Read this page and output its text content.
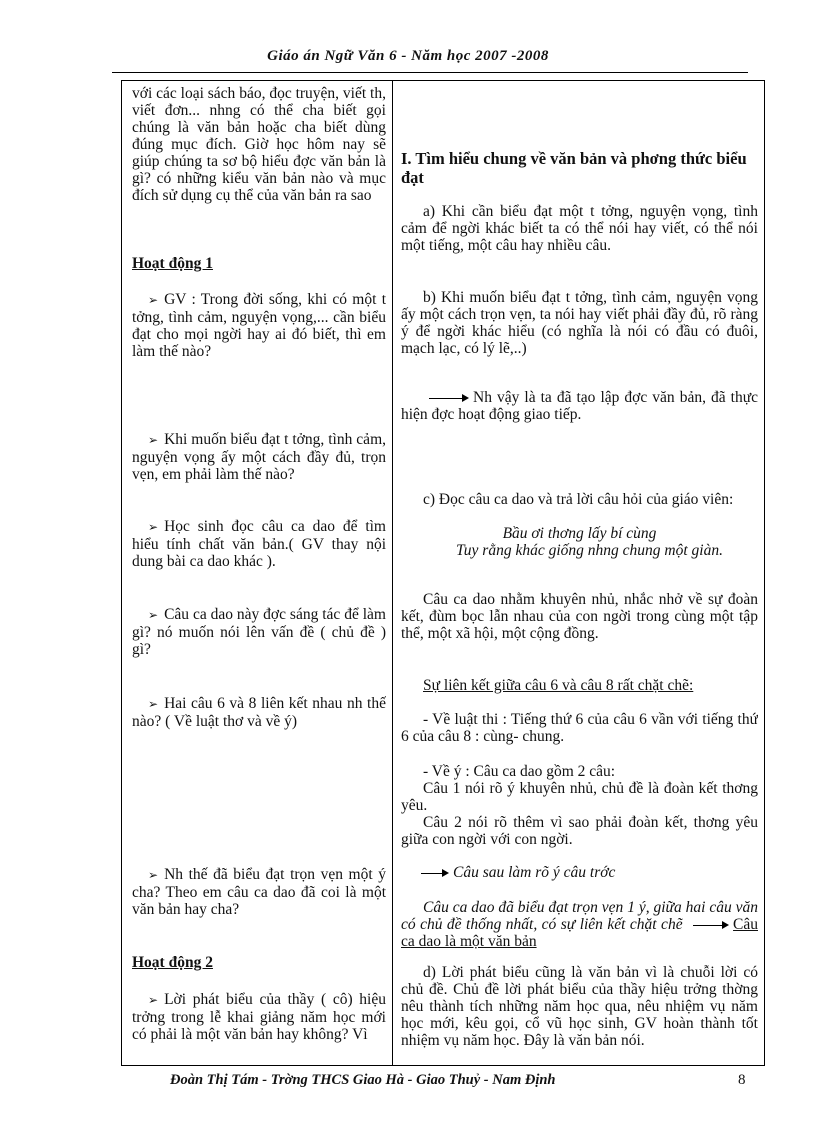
Giáo án Ngữ Văn 6 - Năm học 2007 -2008

với các loại sách báo, đọc truyện, viết th, viết đơn... nhng có thể cha biết gọi chúng là văn bản hoặc cha biết dùng đúng mục đích. Giờ học hôm nay sẽ giúp chúng ta sơ bộ hiểu đợc văn bản là gì? có những kiểu văn bản nào và mục đích sử dụng cụ thể của văn bản ra sao

Hoạt động 1

➢ GV : Trong đời sống, khi có một t tởng, tình cảm, nguyện vọng,... cần biểu đạt cho mọi ngời hay ai đó biết, thì em làm thế nào?

➢ Khi muốn biểu đạt t tởng, tình cảm, nguyện vọng ấy một cách đầy đủ, trọn vẹn, em phải làm thế nào?

➢ Học sinh đọc câu ca dao để tìm hiểu tính chất văn bản.( GV thay nội dung bài ca dao khác ).

➢ Câu ca dao này đợc sáng tác để làm gì? nó muốn nói lên vấn đề ( chủ đề ) gì?

➢ Hai câu 6 và 8 liên kết nhau nh thế nào? ( Về luật thơ và về ý)

➢ Nh thế đã biểu đạt trọn vẹn một ý cha? Theo em câu ca dao đã coi là một văn bản hay cha?

Hoạt động 2

➢ Lời phát biểu của thầy ( cô) hiệu trởng trong lễ khai giảng năm học mới có phải là một văn bản hay không? Vì

I. Tìm hiểu chung về văn bản và phơng thức biểu đạt

a) Khi cần biểu đạt một t tởng, nguyện vọng, tình cảm để ngời khác biết ta có thể nói hay viết, có thể nói một tiếng, một câu hay nhiều câu.

b) Khi muốn biểu đạt t tởng, tình cảm, nguyện vọng ấy một cách trọn vẹn, ta nói hay viết phải đầy đủ, rõ ràng ý để ngời khác hiểu (có nghĩa là nói có đầu có đuôi, mạch lạc, có lý lẽ,..)

Nh vậy là ta đã tạo lập đợc văn bản, đã thực hiện đợc hoạt động giao tiếp.

c) Đọc câu ca dao và trả lời câu hỏi của giáo viên:

Bầu ơi thơng lấy bí cùng

Tuy rằng khác giống nhng chung một giàn.

Câu ca dao nhằm khuyên nhủ, nhắc nhở về sự đoàn kết, đùm bọc lẫn nhau của con ngời trong cùng một tập thể, một xã hội, một cộng đồng.

Sự liên kết giữa câu 6 và câu 8 rất chặt chẽ:

- Về luật thi : Tiếng thứ 6 của câu 6 vần với tiếng thứ 6 của câu 8 : cùng- chung.

- Về ý : Câu ca dao gồm 2 câu:

Câu 1 nói rõ ý khuyên nhủ, chủ đề là đoàn kết thơng yêu.

Câu 2 nói rõ thêm vì sao phải đoàn kết, thơng yêu giữa con ngời với con ngời.

Câu sau làm rõ ý câu trớc

Câu ca dao đã biểu đạt trọn vẹn 1 ý, giữa hai câu văn có chủ đề thống nhất, có sự liên kết chặt chẽ	Câu ca dao là một văn bản

d) Lời phát biểu cũng là văn bản vì là chuỗi lời có chủ đề. Chủ đề lời phát biểu của thầy hiệu trởng thờng nêu thành tích những năm học qua, nêu nhiệm vụ năm học mới, kêu gọi, cổ vũ học sinh, GV hoàn thành tốt nhiệm vụ năm học. Đây là văn bản nói.

Đoàn Thị Tám - Trờng THCS Giao Hà - Giao Thuỷ - Nam Định	8
